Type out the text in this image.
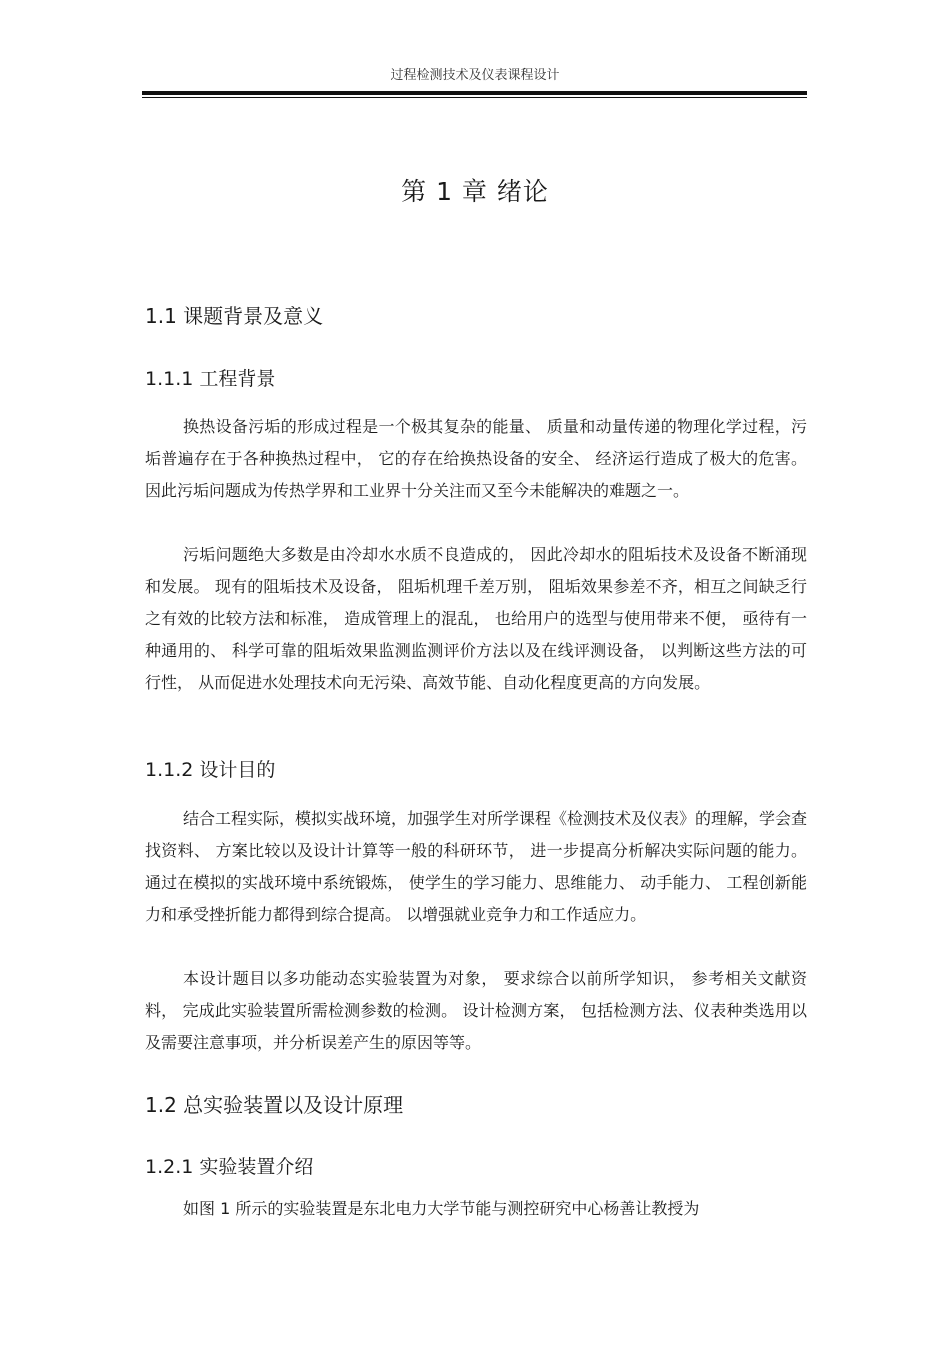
过程检测技术及仪表课程设计
第 1 章 绪论
1.1 课题背景及意义
1.1.1 工程背景

换热设备污垢的形成过程是一个极其复杂的能量、 质量和动量传递的物理化学过程，污垢普遍存在于各种换热过程中， 它的存在给换热设备的安全、 经济运行造成了极大的危害。 因此污垢问题成为传热学界和工业界十分关注而又至今未能解决的难题之一。

污垢问题绝大多数是由冷却水水质不良造成的， 因此冷却水的阻垢技术及设备不断涌现和发展。 现有的阻垢技术及设备， 阻垢机理千差万别， 阻垢效果参差不齐，相互之间缺乏行之有效的比较方法和标准， 造成管理上的混乱， 也给用户的选型与使用带来不便， 亟待有一种通用的、 科学可靠的阻垢效果监测监测评价方法以及在线评测设备， 以判断这些方法的可行性， 从而促进水处理技术向无污染、高效节能、自动化程度更高的方向发展。

1.1.2 设计目的

结合工程实际，模拟实战环境，加强学生对所学课程《检测技术及仪表》的理解，学会查找资料、 方案比较以及设计计算等一般的科研环节， 进一步提高分析解决实际问题的能力。 通过在模拟的实战环境中系统锻炼， 使学生的学习能力、思维能力、 动手能力、 工程创新能力和承受挫折能力都得到综合提高。 以增强就业竞争力和工作适应力。

本设计题目以多功能动态实验装置为对象， 要求综合以前所学知识， 参考相关文献资料， 完成此实验装置所需检测参数的检测。 设计检测方案， 包括检测方法、仪表种类选用以及需要注意事项，并分析误差产生的原因等等。

1.2 总实验装置以及设计原理
1.2.1 实验装置介绍

如图 1 所示的实验装置是东北电力大学节能与测控研究中心杨善让教授为
